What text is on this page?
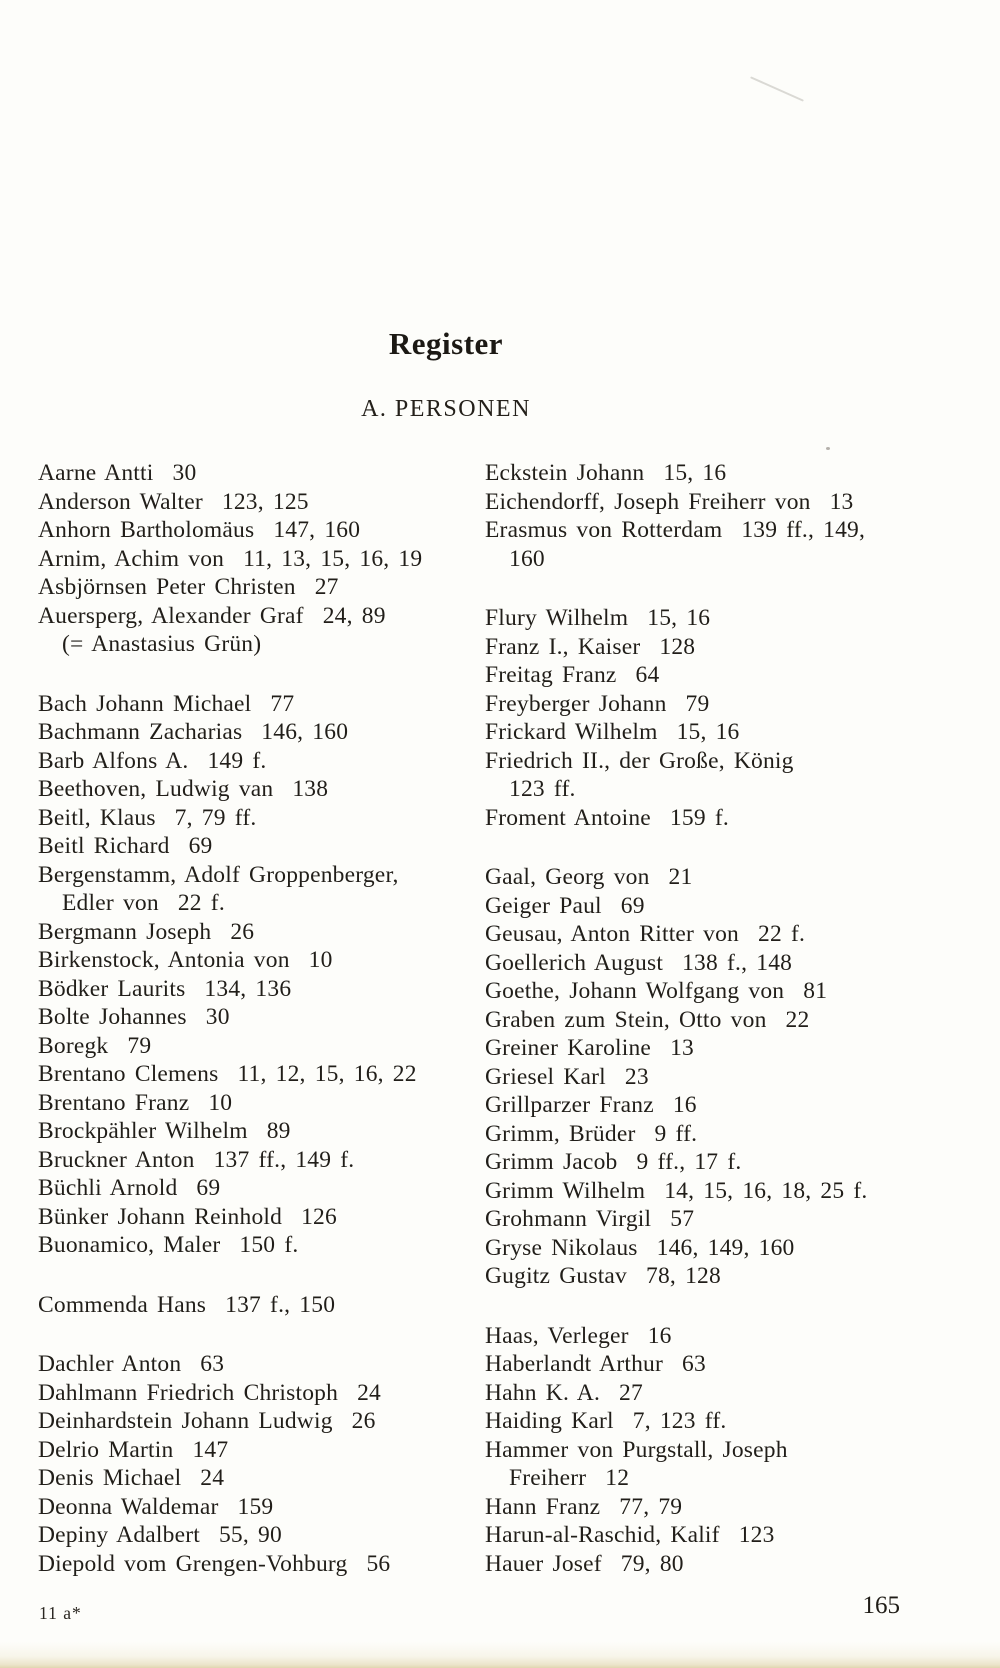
Register
A. PERSONEN
Aarne Antti 30
Anderson Walter 123, 125
Anhorn Bartholomäus 147, 160
Arnim, Achim von 11, 13, 15, 16, 19
Asbjörnsen Peter Christen 27
Auersperg, Alexander Graf 24, 89
(= Anastasius Grün)
Bach Johann Michael 77
Bachmann Zacharias 146, 160
Barb Alfons A. 149 f.
Beethoven, Ludwig van 138
Beitl, Klaus 7, 79 ff.
Beitl Richard 69
Bergenstamm, Adolf Groppenberger,
Edler von 22 f.
Bergmann Joseph 26
Birkenstock, Antonia von 10
Bödker Laurits 134, 136
Bolte Johannes 30
Boregk 79
Brentano Clemens 11, 12, 15, 16, 22
Brentano Franz 10
Brockpähler Wilhelm 89
Bruckner Anton 137 ff., 149 f.
Büchli Arnold 69
Bünker Johann Reinhold 126
Buonamico, Maler 150 f.
Commenda Hans 137 f., 150
Dachler Anton 63
Dahlmann Friedrich Christoph 24
Deinhardstein Johann Ludwig 26
Delrio Martin 147
Denis Michael 24
Deonna Waldemar 159
Depiny Adalbert 55, 90
Diepold vom Grengen-Vohburg 56
Eckstein Johann 15, 16
Eichendorff, Joseph Freiherr von 13
Erasmus von Rotterdam 139 ff., 149,
160
Flury Wilhelm 15, 16
Franz I., Kaiser 128
Freitag Franz 64
Freyberger Johann 79
Frickard Wilhelm 15, 16
Friedrich II., der Große, König
123 ff.
Froment Antoine 159 f.
Gaal, Georg von 21
Geiger Paul 69
Geusau, Anton Ritter von 22 f.
Goellerich August 138 f., 148
Goethe, Johann Wolfgang von 81
Graben zum Stein, Otto von 22
Greiner Karoline 13
Griesel Karl 23
Grillparzer Franz 16
Grimm, Brüder 9 ff.
Grimm Jacob 9 ff., 17 f.
Grimm Wilhelm 14, 15, 16, 18, 25 f.
Grohmann Virgil 57
Gryse Nikolaus 146, 149, 160
Gugitz Gustav 78, 128
Haas, Verleger 16
Haberlandt Arthur 63
Hahn K. A. 27
Haiding Karl 7, 123 ff.
Hammer von Purgstall, Joseph
Freiherr 12
Hann Franz 77, 79
Harun-al-Raschid, Kalif 123
Hauer Josef 79, 80
11 a*	165
